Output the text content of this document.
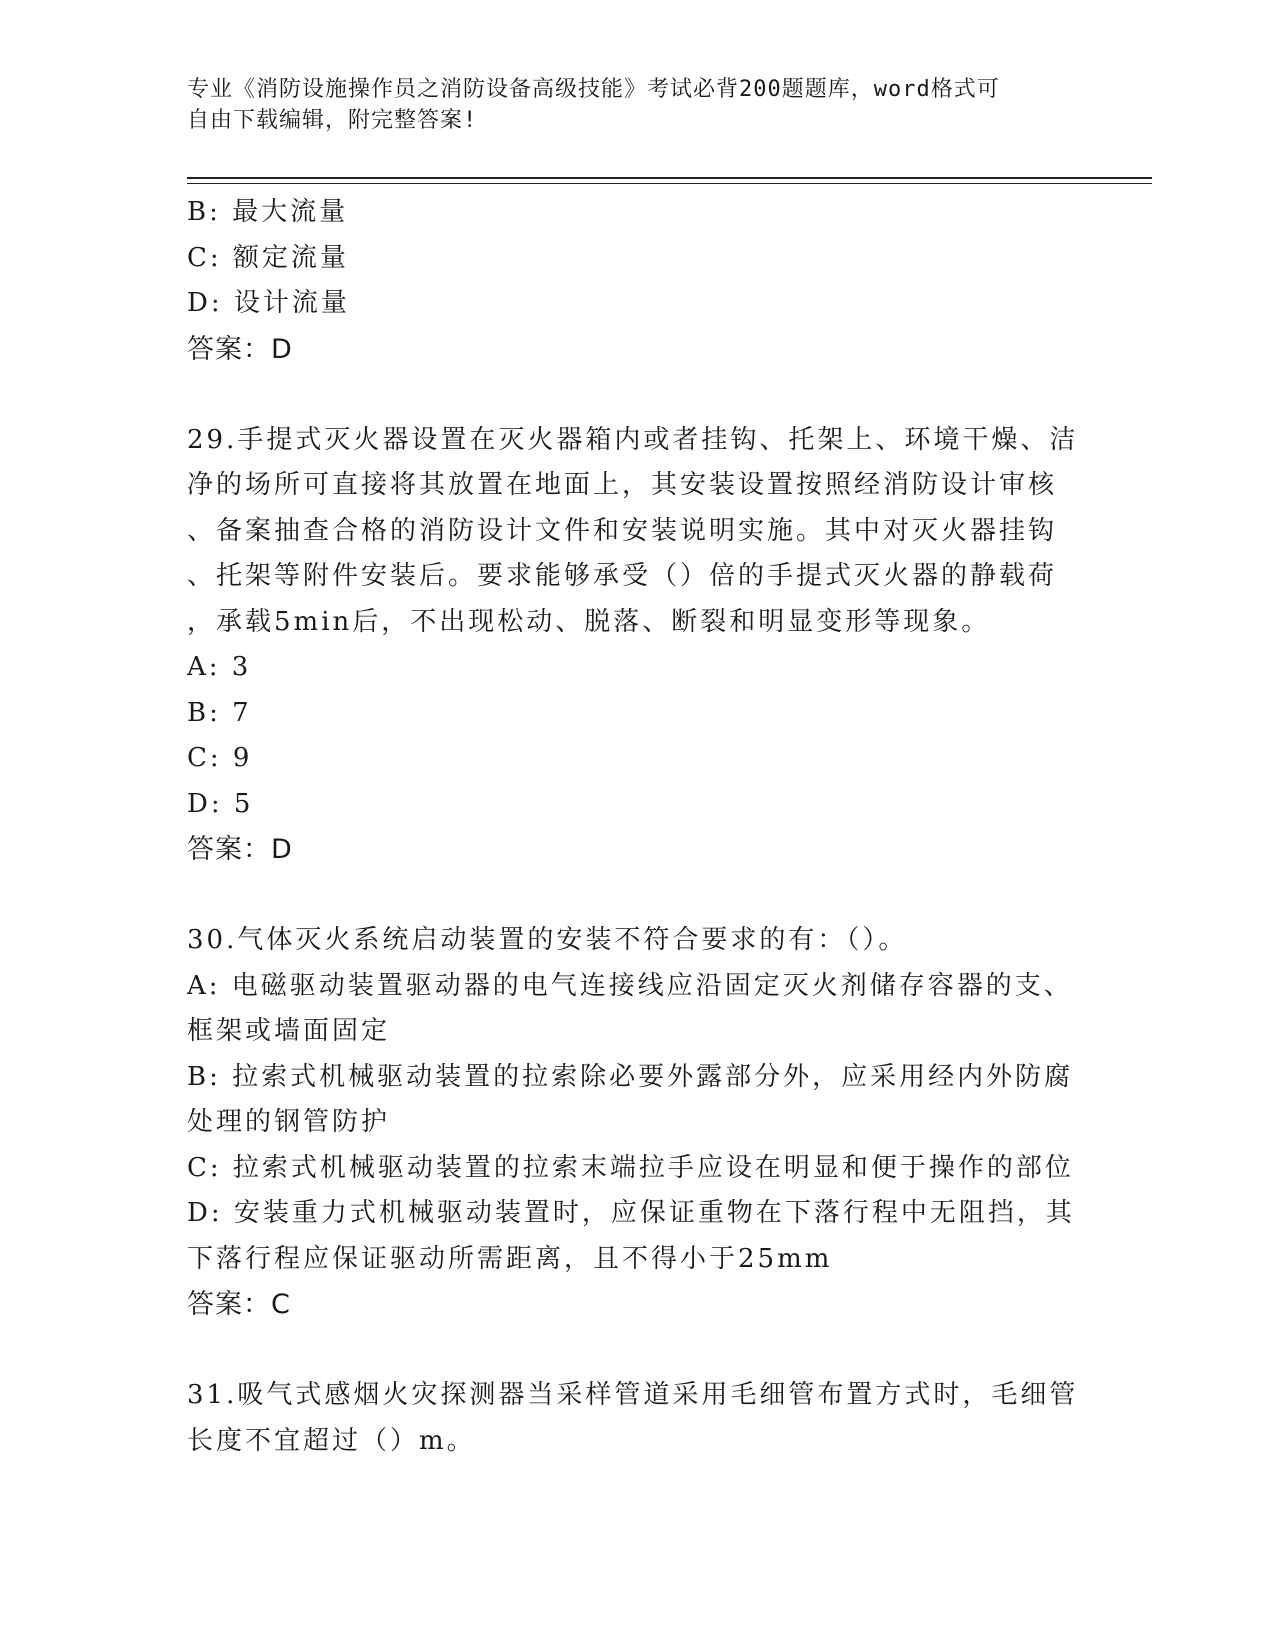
专业《消防设施操作员之消防设备高级技能》考试必背200题题库，word格式可
自由下载编辑，附完整答案!
B: 最大流量
C: 额定流量
D: 设计流量
答案：D
29.手提式灭火器设置在灭火器箱内或者挂钩、托架上、环境干燥、洁
净的场所可直接将其放置在地面上，其安装设置按照经消防设计审核
、备案抽查合格的消防设计文件和安装说明实施。其中对灭火器挂钩
、托架等附件安装后。要求能够承受（）倍的手提式灭火器的静载荷
，承载5min后，不出现松动、脱落、断裂和明显变形等现象。
A: 3
B: 7
C: 9
D: 5
答案：D
30.气体灭火系统启动装置的安装不符合要求的有：（）。
A: 电磁驱动装置驱动器的电气连接线应沿固定灭火剂储存容器的支、
框架或墙面固定
B: 拉索式机械驱动装置的拉索除必要外露部分外，应采用经内外防腐
处理的钢管防护
C: 拉索式机械驱动装置的拉索末端拉手应设在明显和便于操作的部位
D: 安装重力式机械驱动装置时，应保证重物在下落行程中无阻挡，其
下落行程应保证驱动所需距离，且不得小于25mm
答案：C
31.吸气式感烟火灾探测器当采样管道采用毛细管布置方式时，毛细管
长度不宜超过（）m。
